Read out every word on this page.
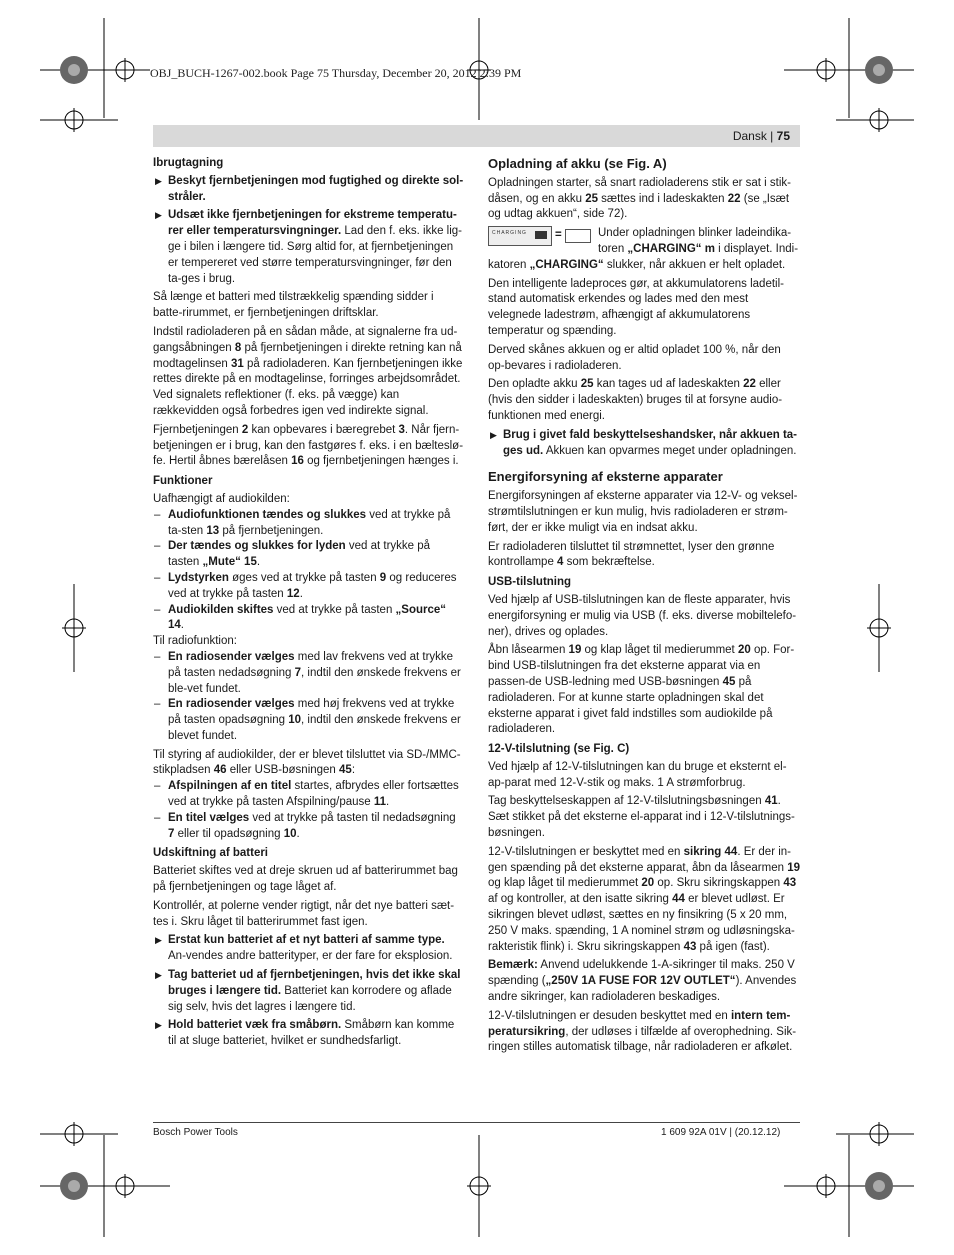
OBJ_BUCH-1267-002.book Page 75 Thursday, December 20, 2012 2:39 PM
Dansk | 75
Ibrugtagning
▶ Beskyt fjernbetjeningen mod fugtighed og direkte sol-stråler.
▶ Udsæt ikke fjernbetjeningen for ekstreme temperatu-rer eller temperatursvingninger. Lad den f. eks. ikke lig-ge i bilen i længere tid. Sørg altid for, at fjernbetjeningen er tempereret ved større temperatursvingninger, før den ta-ges i brug.

Så længe et batteri med tilstrækkelig spænding sidder i batte-rirummet, er fjernbetjeningen driftsklar.

Indstil radioladeren på en sådan måde, at signalerne fra ud-gangsåbningen 8 på fjernbetjeningen i direkte retning kan nå modtagelinsen 31 på radioladeren. Kan fjernbetjeningen ikke rettes direkte på en modtagelinse, forringes arbejdsområdet. Ved signalets reflektioner (f. eks. på vægge) kan rækkevidden også forbedres igen ved indirekte signal.

Fjernbetjeningen 2 kan opbevares i bæregrebet 3. Når fjern-betjeningen er i brug, kan den fastgøres f. eks. i en bælteslø-fe. Hertil åbnes bærelåsen 16 og fjernbetjeningen hænges i.

Funktioner

Uafhængigt af audiokilden:

– Audiofunktionen tændes og slukkes ved at trykke på ta-sten 13 på fjernbetjeningen.
– Der tændes og slukkes for lyden ved at trykke på tasten „Mute“ 15.
– Lydstyrken øges ved at trykke på tasten 9 og reduceres ved at trykke på tasten 12.
– Audiokilden skiftes ved at trykke på tasten „Source“ 14.

Til radiofunktion:

– En radiosender vælges med lav frekvens ved at trykke på tasten nedadsøgning 7, indtil den ønskede frekvens er ble-vet fundet.
– En radiosender vælges med høj frekvens ved at trykke på tasten opadsøgning 10, indtil den ønskede frekvens er blevet fundet.

Til styring af audiokilder, der er blevet tilsluttet via SD-/MMC-stikpladsen 46 eller USB-bøsningen 45:

– Afspilningen af en titel startes, afbrydes eller fortsættes ved at trykke på tasten Afspilning/pause 11.
– En titel vælges ved at trykke på tasten til nedadsøgning 7 eller til opadsøgning 10.
Udskiftning af batteri

Batteriet skiftes ved at dreje skruen ud af batterirummet bag på fjernbetjeningen og tage låget af.

Kontrollér, at polerne vender rigtigt, når det nye batteri sæt-tes i. Skru låget til batterirummet fast igen.

▶ Erstat kun batteriet af et nyt batteri af samme type. An-vendes andre batterityper, er der fare for eksplosion.
▶ Tag batteriet ud af fjernbetjeningen, hvis det ikke skal bruges i længere tid. Batteriet kan korrodere og aflade sig selv, hvis det lagres i længere tid.
▶ Hold batteriet væk fra småbørn. Småbørn kan komme til at sluge batteriet, hvilket er sundhedsfarligt.
Opladning af akku (se Fig. A)

Opladningen starter, så snart radioladerens stik er sat i stik-dåsen, og en akku 25 sættes ind i ladeskakten 22 (se „Isæt og udtag akkuen“, side 72).

CHARGING =	Under opladningen blinker ladeindika-toren „CHARGING“ m i displayet. Indi-katoren „CHARGING“ slukker, når akkuen er helt opladet.

Den intelligente ladeproces gør, at akkumulatorens ladetil-stand automatisk erkendes og lades med den mest velegnede ladestrøm, afhængigt af akkumulatorens temperatur og spænding.

Derved skånes akkuen og er altid opladet 100 %, når den op-bevares i radioladeren.

Den opladte akku 25 kan tages ud af ladeskakten 22 eller (hvis den sidder i ladeskakten) bruges til at forsyne audio-funktionen med energi.

▶ Brug i givet fald beskyttelseshandsker, når akkuen ta-ges ud. Akkuen kan opvarmes meget under opladningen.
Energiforsyning af eksterne apparater

Energiforsyningen af eksterne apparater via 12-V- og veksel-strømtilslutningen er kun mulig, hvis radioladeren er strøm-ført, der er ikke muligt via en indsat akku.

Er radioladeren tilsluttet til strømnettet, lyser den grønne kontrollampe 4 som bekræftelse.

USB-tilslutning

Ved hjælp af USB-tilslutningen kan de fleste apparater, hvis energiforsyning er mulig via USB (f. eks. diverse mobiltelefo-ner), drives og oplades.

Åbn låsearmen 19 og klap låget til medierummet 20 op. For-bind USB-tilslutningen fra det eksterne apparat via en passen-de USB-ledning med USB-bøsningen 45 på radioladeren. For at kunne starte opladningen skal det eksterne apparat i givet fald indstilles som audiokilde på radioladeren.

12-V-tilslutning (se Fig. C)

Ved hjælp af 12-V-tilslutningen kan du bruge et eksternt el-ap-parat med 12-V-stik og maks. 1 A strømforbrug.

Tag beskyttelseskappen af 12-V-tilslutningsbøsningen 41. Sæt stikket på det eksterne el-apparat ind i 12-V-tilslutnings-bøsningen.

12-V-tilslutningen er beskyttet med en sikring 44. Er der in-gen spænding på det eksterne apparat, åbn da låsearmen 19 og klap låget til medierummet 20 op. Skru sikringskappen 43 af og kontroller, at den isatte sikring 44 er blevet udløst. Er sikringen blevet udløst, sættes en ny finsikring (5 x 20 mm, 250 V maks. spænding, 1 A nominel strøm og udløsningska-rakteristik flink) i. Skru sikringskappen 43 på igen (fast).

Bemærk: Anvend udelukkende 1-A-sikringer til maks. 250 V spænding („250V 1A FUSE FOR 12V OUTLET“). Anvendes andre sikringer, kan radioladeren beskadiges.

12-V-tilslutningen er desuden beskyttet med en intern tem-peratursikring, der udløses i tilfælde af overophedning. Sik-ringen stilles automatisk tilbage, når radioladeren er afkølet.

Bosch Power Tools	1 609 92A 01V | (20.12.12)
